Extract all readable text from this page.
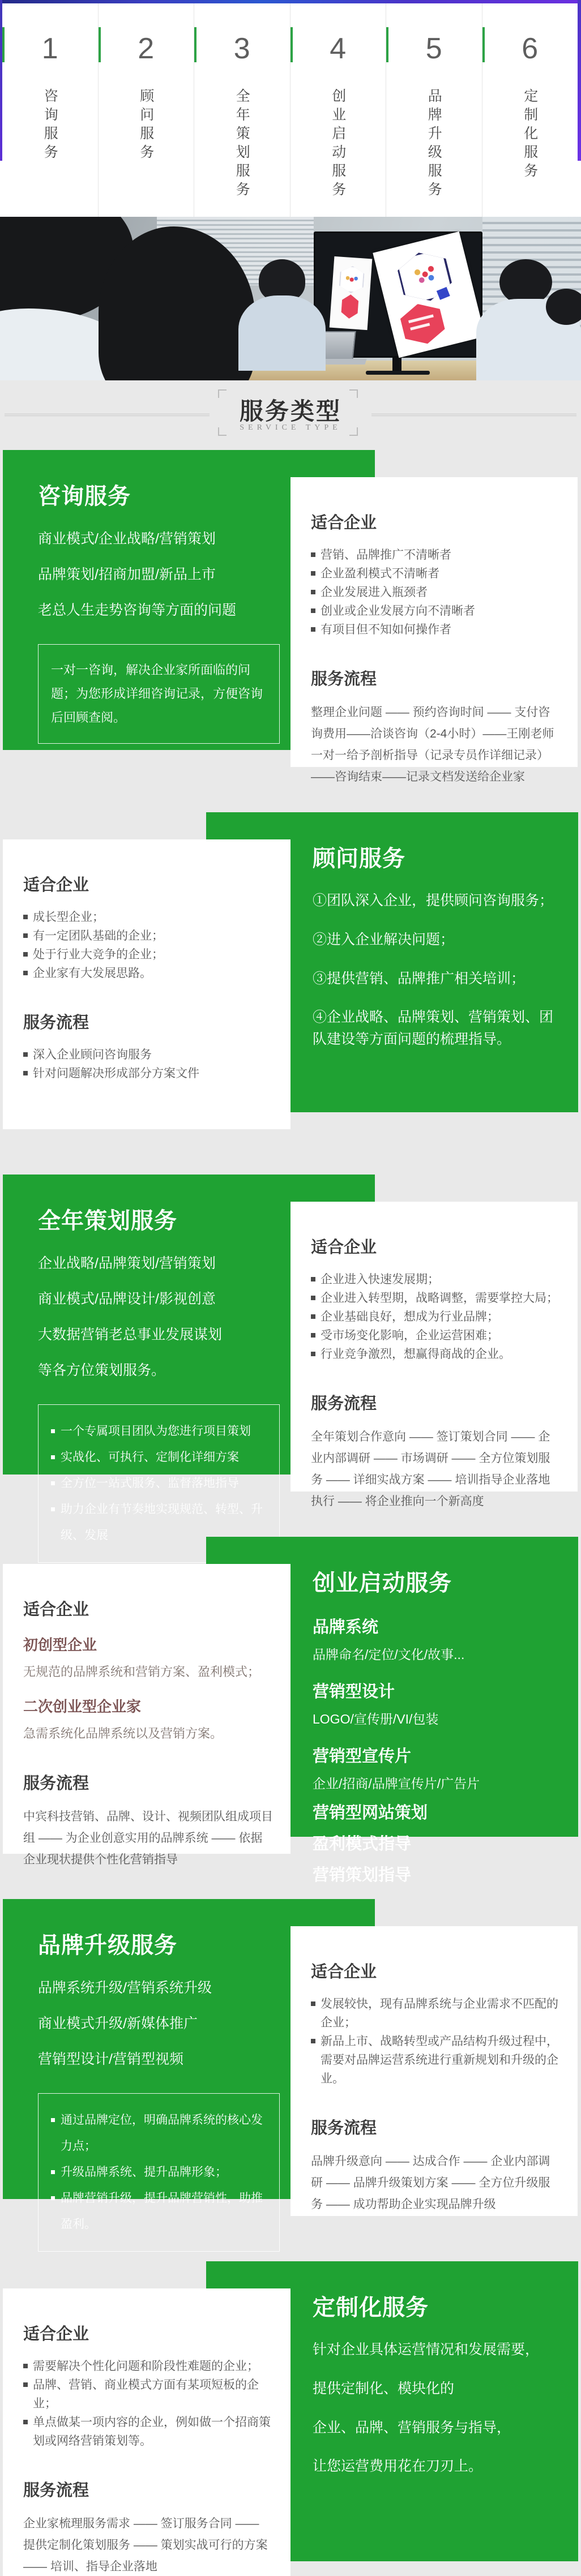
1
咨询服务
2
顾问服务
3
全年策划服务
4
创业启动服务
5
品牌升级服务
6
定制化服务
服务类型
SERVICE TYPE
咨询服务
商业模式/企业战略/营销策划
品牌策划/招商加盟/新品上市
老总人生走势咨询等方面的问题
一对一咨询，解决企业家所面临的问题；为您形成详细咨询记录，方便咨询后回顾查阅。
适合企业
营销、品牌推广不清晰者
企业盈利模式不清晰者
企业发展进入瓶颈者
创业或企业发展方向不清晰者
有项目但不知如何操作者
服务流程

整理企业问题 —— 预约咨询时间 —— 支付咨询费用——洽谈咨询（2-4小时）——王刚老师一对一给予剖析指导（记录专员作详细记录）——咨询结束——记录文档发送给企业家

顾问服务
①团队深入企业，提供顾问咨询服务；
②进入企业解决问题；
③提供营销、品牌推广相关培训；
④企业战略、品牌策划、营销策划、团队建设等方面问题的梳理指导。
适合企业
成长型企业；
有一定团队基础的企业；
处于行业大竞争的企业；
企业家有大发展思路。
服务流程
深入企业顾问咨询服务
针对问题解决形成部分方案文件
全年策划服务
企业战略/品牌策划/营销策划
商业模式/品牌设计/影视创意
大数据营销老总事业发展谋划
等各方位策划服务。
一个专属项目团队为您进行项目策划
实战化、可执行、定制化详细方案
全方位一站式服务、监督落地指导
助力企业有节奏地实现规范、转型、升级、发展
适合企业
企业进入快速发展期；
企业进入转型期，战略调整，需要掌控大局；
企业基础良好，想成为行业品牌；
受市场变化影响，企业运营困难；
行业竞争激烈，想赢得商战的企业。
服务流程

全年策划合作意向 —— 签订策划合同 —— 企业内部调研 —— 市场调研 —— 全方位策划服务 —— 详细实战方案 —— 培训指导企业落地执行 —— 将企业推向一个新高度

创业启动服务
品牌系统
品牌命名/定位/文化/故事...
营销型设计
LOGO/宣传册/VI/包装
营销型宣传片
企业/招商/品牌宣传片/广告片
营销型网站策划
盈利模式指导
营销策划指导
适合企业
初创型企业
无规范的品牌系统和营销方案、盈利模式；
二次创业型企业家
急需系统化品牌系统以及营销方案。
服务流程

中宾科技营销、品牌、设计、视频团队组成项目组 —— 为企业创意实用的品牌系统 —— 依据企业现状提供个性化营销指导

品牌升级服务
品牌系统升级/营销系统升级
商业模式升级/新媒体推广
营销型设计/营销型视频
通过品牌定位，明确品牌系统的核心发力点；
升级品牌系统、提升品牌形象；
品牌营销升级，提升品牌营销性，助推盈利。
适合企业
发展较快，现有品牌系统与企业需求不匹配的企业；
新品上市、战略转型或产品结构升级过程中，需要对品牌运营系统进行重新规划和升级的企业。
服务流程

品牌升级意向 —— 达成合作 —— 企业内部调研 —— 品牌升级策划方案 —— 全方位升级服务 —— 成功帮助企业实现品牌升级

定制化服务
针对企业具体运营情况和发展需要，
提供定制化、模块化的
企业、品牌、营销服务与指导，
让您运营费用花在刀刃上。
适合企业
需要解决个性化问题和阶段性难题的企业；
品牌、营销、商业模式方面有某项短板的企业；
单点做某一项内容的企业，例如做一个招商策划或网络营销策划等。
服务流程

企业家梳理服务需求 —— 签订服务合同 —— 提供定制化策划服务 —— 策划实战可行的方案—— 培训、指导企业落地
